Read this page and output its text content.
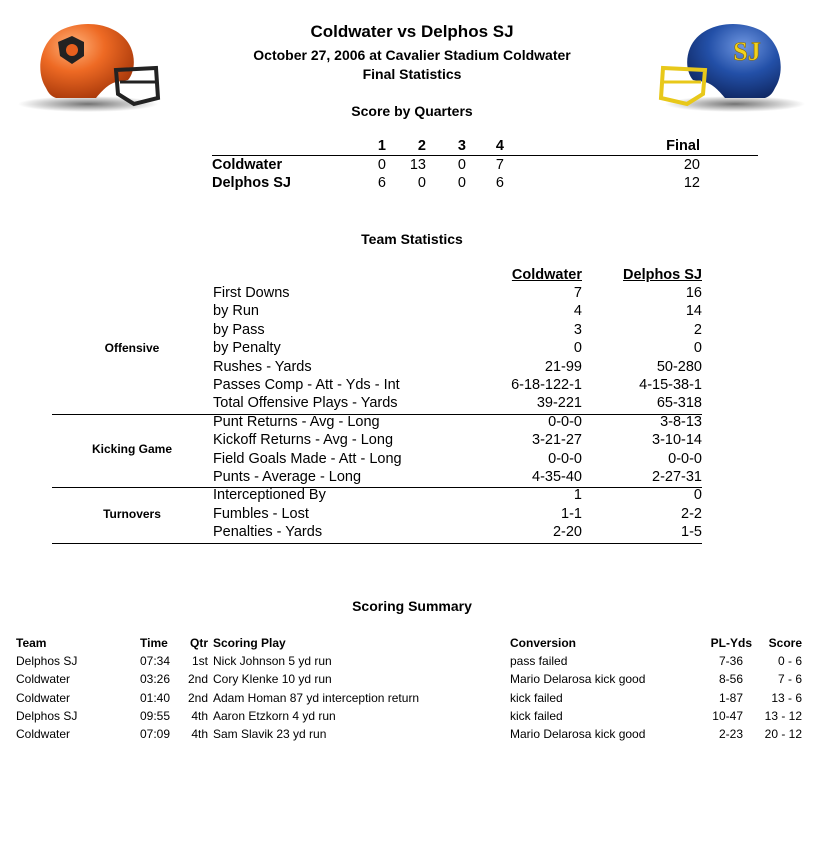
Coldwater vs Delphos SJ
October 27, 2006 at Cavalier Stadium Coldwater
Final Statistics
SJ
Score by Quarters
1	2	3	4	Final
Coldwater	0	13	0	7	20
Delphos SJ	6	0	0	6	12
Team Statistics
Coldwater	Delphos SJ
First Downs	7	16
by Run	4	14
by Pass	3	2
by Penalty	0	0
Rushes - Yards	21-99	50-280
Passes Comp - Att - Yds - Int	6-18-122-1	4-15-38-1
Total Offensive Plays - Yards	39-221	65-318
Offensive
Punt Returns - Avg - Long	0-0-0	3-8-13
Kickoff Returns - Avg - Long	3-21-27	3-10-14
Field Goals Made - Att - Long	0-0-0	0-0-0
Punts - Average - Long	4-35-40	2-27-31
Kicking Game
Interceptioned By	1	0
Fumbles - Lost	1-1	2-2
Penalties - Yards	2-20	1-5
Turnovers
Scoring Summary
Team	Time Qtr Scoring Play	Conversion	PL-Yds	Score
Delphos SJ	07:34	1st Nick Johnson 5 yd run	pass failed	7-36	0 - 6
Coldwater	03:26 2nd Cory Klenke 10 yd run	Mario Delarosa kick good	8-56	7 - 6
Coldwater	01:40 2nd Adam Homan 87 yd interception return	kick failed	1-87	13 - 6
Delphos SJ	09:55	4th Aaron Etzkorn 4 yd run	kick failed	10-47	13 - 12
Coldwater	07:09	4th Sam Slavik 23 yd run	Mario Delarosa kick good	2-23	20 - 12
